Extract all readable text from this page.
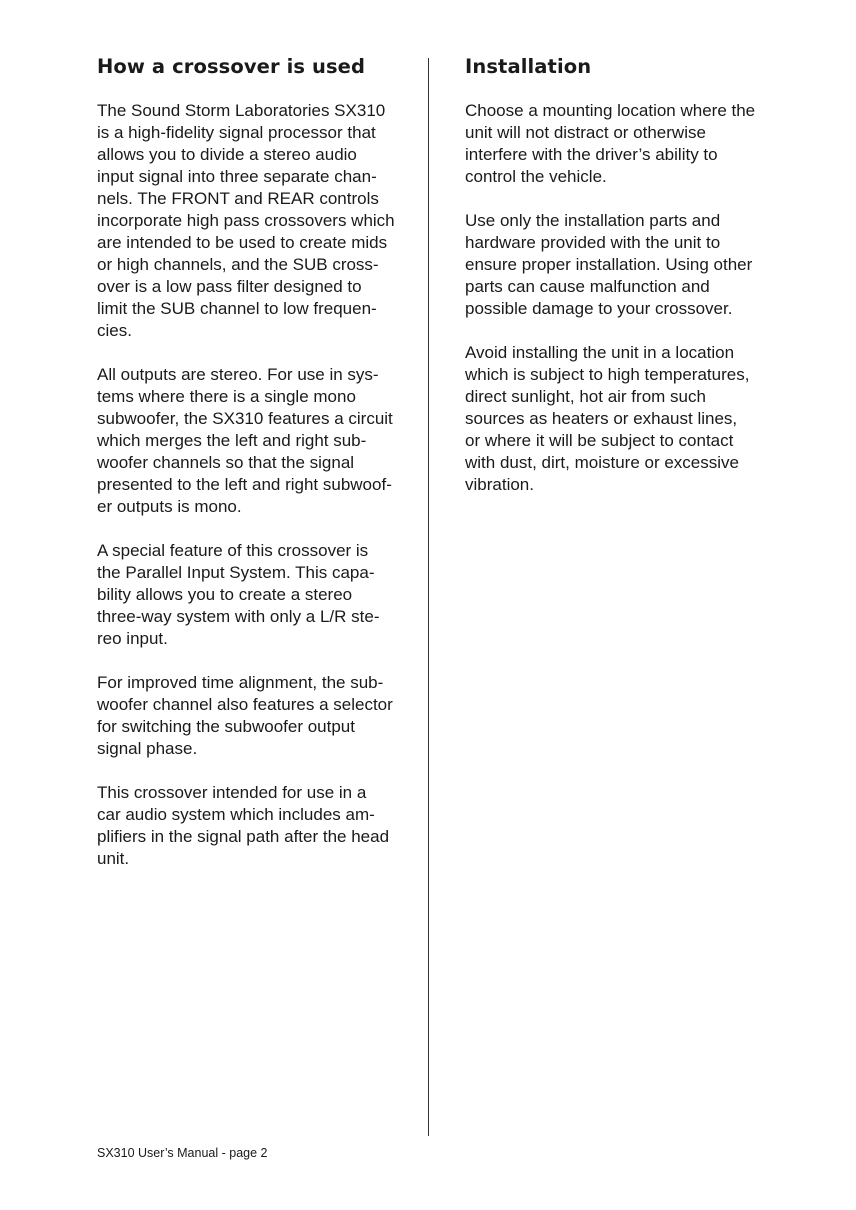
How a crossover is used

The Sound Storm Laboratories SX310
is a high-fidelity signal processor that
allows you to divide a stereo audio
input signal into three separate chan-
nels. The FRONT and REAR controls
incorporate high pass crossovers which
are intended to be used to create mids
or high channels, and the SUB cross-
over is a low pass filter designed to
limit the SUB channel to low frequen-
cies.

All outputs are stereo. For use in sys-
tems where there is a single mono
subwoofer, the SX310 features a circuit
which merges the left and right sub-
woofer channels so that the signal
presented to the left and right subwoof-
er outputs is mono.

A special feature of this crossover is
the Parallel Input System. This capa-
bility allows you to create a stereo
three-way system with only a L/R ste-
reo input.

For improved time alignment, the sub-
woofer channel also features a selector
for switching the subwoofer output
signal phase.

This crossover intended for use in a
car audio system which includes am-
plifiers in the signal path after the head
unit.

Installation

Choose a mounting location where the
unit will not distract or otherwise
interfere with the driver’s ability to
control the vehicle.

Use only the installation parts and
hardware provided with the unit to
ensure proper installation. Using other
parts can cause malfunction and
possible damage to your crossover.

Avoid installing the unit in a location
which is subject to high temperatures,
direct sunlight, hot air from such
sources as heaters or exhaust lines,
or where it will be subject to contact
with dust, dirt, moisture or excessive
vibration.

SX310 User’s Manual - page 2
